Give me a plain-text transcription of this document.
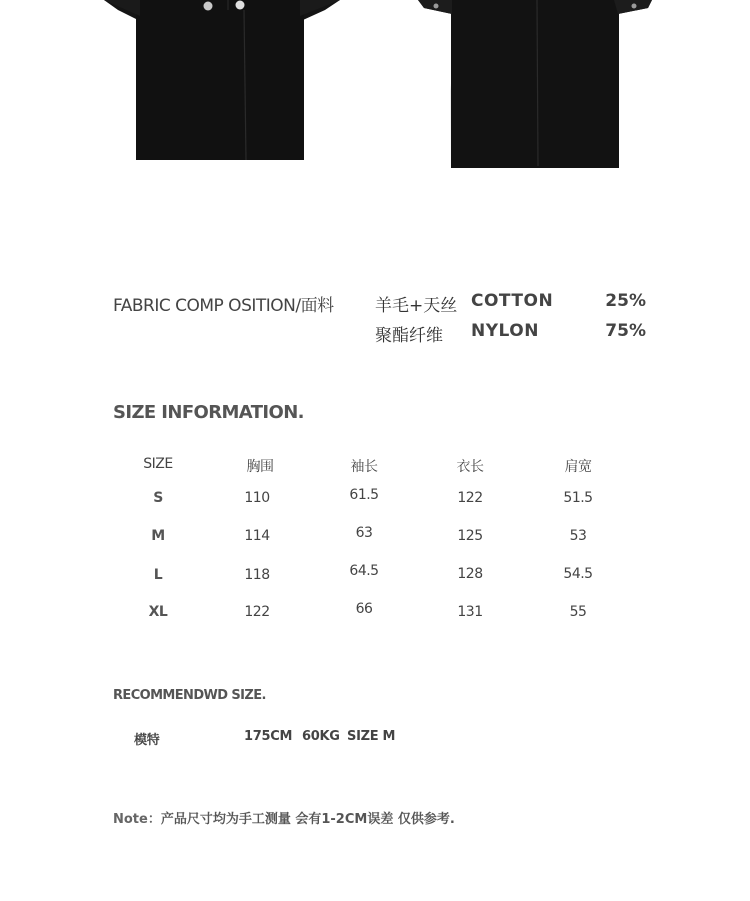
FABRIC COMP OSITION/面料 羊毛+天丝 COTTON	25%
聚酯纤维 NYLON	75%
SIZE INFORMATION.
SIZE	胸围	袖长	衣长	肩宽
S	110	61.5	122	51.5
M	114	63	125	53
L	118	64.5	128	54.5
XL	122	66	131	55
RECOMMENDWD SIZE.
模特	175CM 60KG SIZE M
Note：产品尺寸均为手工测量 会有1-2CM误差 仅供参考.
